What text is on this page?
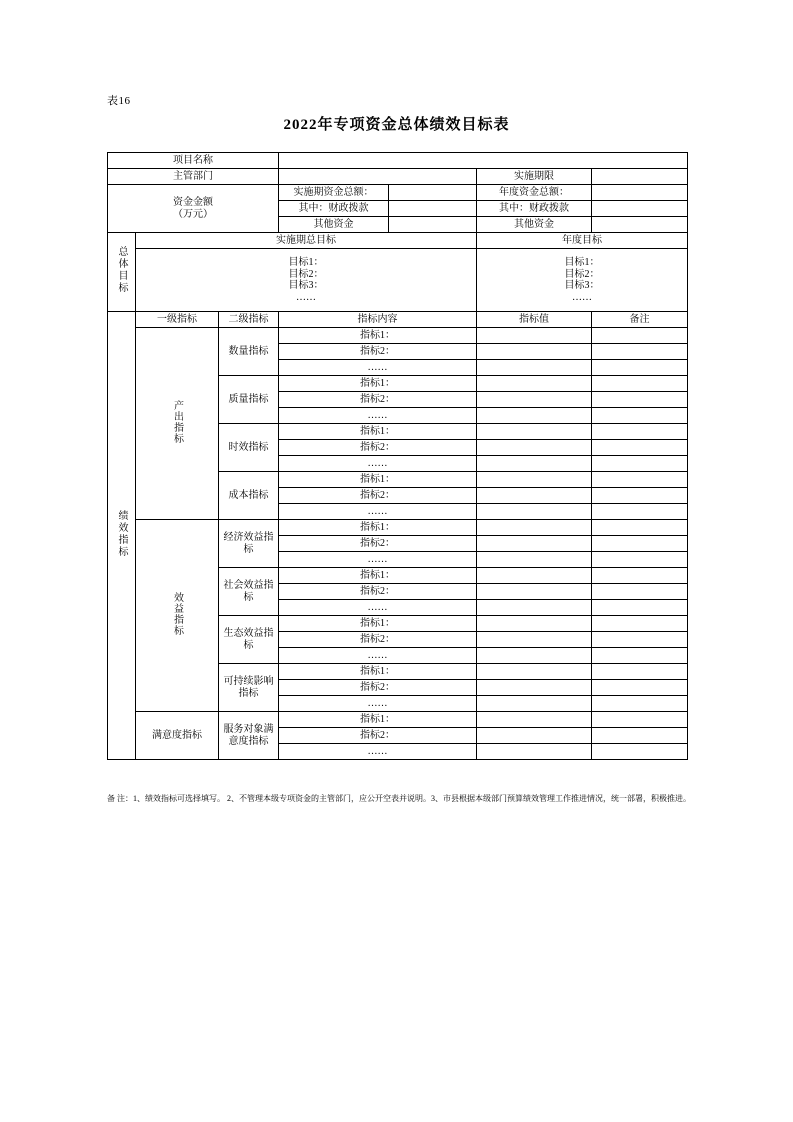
表16
2022年专项资金总体绩效目标表
项目名称						
主管部门					实施期限	

资金金额
（万元）			实施期资金总额：		年度资金总额：	
			其中：财政拨款		其中：财政拨款	
			其他资金		其他资金	
总体目标	实施期总目标				年度目标	

目标1：
目标2：
目标3：
……

目标1：
目标2：
目标3：
……

绩效指标	一级指标	二级指标	指标内容		指标值	备注
	产出指标	数量指标	指标1：			
			指标2：			
			……			
		质量指标	指标1：			
			指标2：			
			……			
		时效指标	指标1：			
			指标2：			
			……			
		成本指标	指标1：			
			指标2：			
			……			
	效益指标	经济效益指标	指标1：			
			指标2：			
			……			
		社会效益指标	指标1：			
			指标2：			
			……			
		生态效益指标	指标1：			
			指标2：			
			……			
		可持续影响指标	指标1：			
			指标2：			
			……			
	满意度指标	服务对象满意度指标	指标1：			
			指标2：			
			……			
备 注：1、绩效指标可选择填写。 2、不管理本级专项资金的主管部门，应公开空表并说明。3、市县根据本级部门预算绩效管理工作推进情况，统一部署，积极推进。
